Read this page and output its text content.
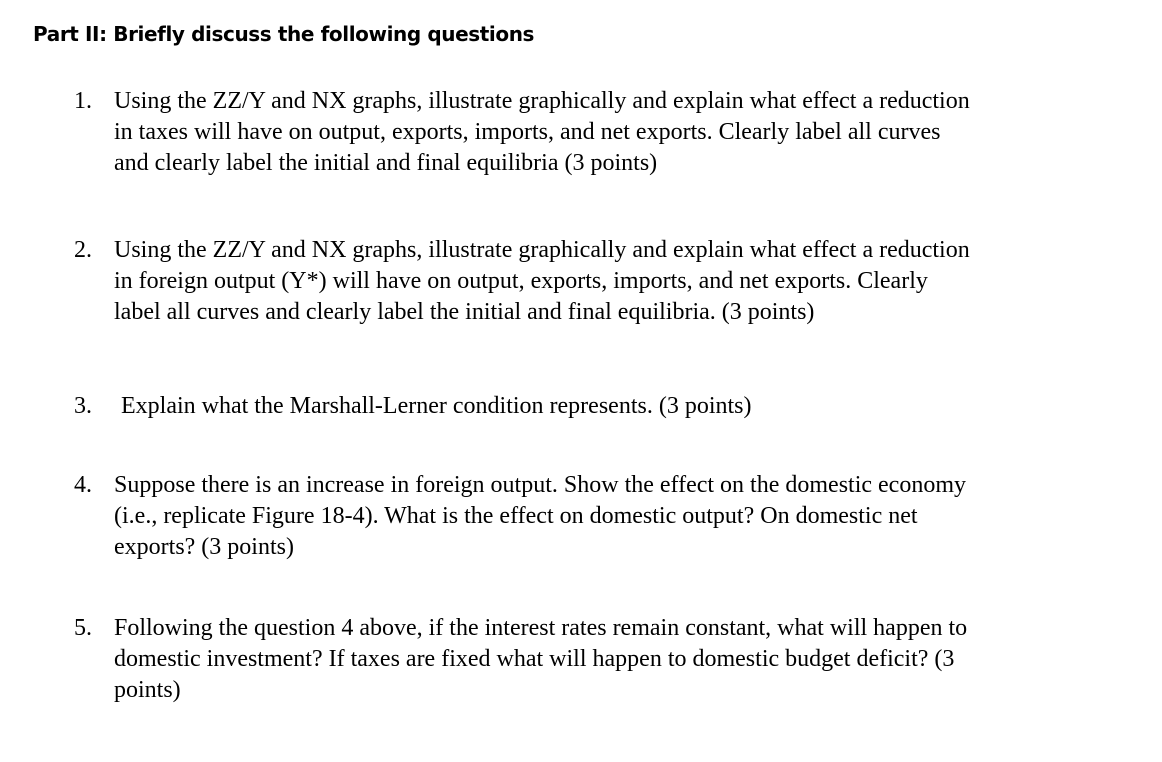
Part II: Briefly discuss the following questions
1. Using the ZZ/Y and NX graphs, illustrate graphically and explain what effect a reduction
in taxes will have on output, exports, imports, and net exports. Clearly label all curves
and clearly label the initial and final equilibria (3 points)
2. Using the ZZ/Y and NX graphs, illustrate graphically and explain what effect a reduction
in foreign output (Y*) will have on output, exports, imports, and net exports. Clearly
label all curves and clearly label the initial and final equilibria. (3 points)
3. Explain what the Marshall-Lerner condition represents. (3 points)
4. Suppose there is an increase in foreign output. Show the effect on the domestic economy
(i.e., replicate Figure 18-4). What is the effect on domestic output? On domestic net
exports? (3 points)
5. Following the question 4 above, if the interest rates remain constant, what will happen to
domestic investment? If taxes are fixed what will happen to domestic budget deficit? (3
points)
